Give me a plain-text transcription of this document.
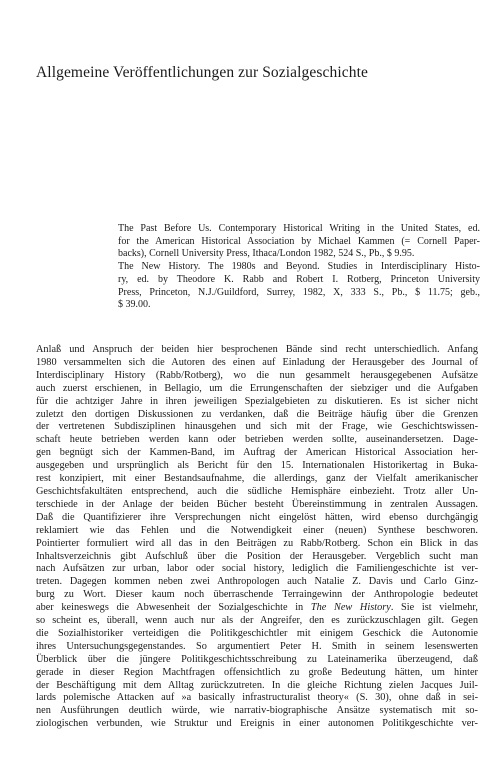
Allgemeine Veröffentlichungen zur Sozialgeschichte
The Past Before Us. Contemporary Historical Writing in the United States, ed.
for the American Historical Association by Michael Kammen (= Cornell Paper-
backs), Cornell University Press, Ithaca/London 1982, 524 S., Pb., $ 9.95.
The New History. The 1980s and Beyond. Studies in Interdisciplinary Histo-
ry, ed. by Theodore K. Rabb and Robert I. Rotberg, Princeton University
Press, Princeton, N.J./Guildford, Surrey, 1982, X, 333 S., Pb., $ 11.75; geb.,
$ 39.00.
Anlaß und Anspruch der beiden hier besprochenen Bände sind recht unterschiedlich. Anfang
1980 versammelten sich die Autoren des einen auf Einladung der Herausgeber des Journal of
Interdisciplinary History (Rabb/Rotberg), wo die nun gesammelt herausgegebenen Aufsätze
auch zuerst erschienen, in Bellagio, um die Errungenschaften der siebziger und die Aufgaben
für die achtziger Jahre in ihren jeweiligen Spezialgebieten zu diskutieren. Es ist sicher nicht
zuletzt den dortigen Diskussionen zu verdanken, daß die Beiträge häufig über die Grenzen
der vertretenen Subdisziplinen hinausgehen und sich mit der Frage, wie Geschichtswissen-
schaft heute betrieben werden kann oder betrieben werden sollte, auseinandersetzen. Dage-
gen begnügt sich der Kammen-Band, im Auftrag der American Historical Association her-
ausgegeben und ursprünglich als Bericht für den 15. Internationalen Historikertag in Buka-
rest konzipiert, mit einer Bestandsaufnahme, die allerdings, ganz der Vielfalt amerikanischer
Geschichtsfakultäten entsprechend, auch die südliche Hemisphäre einbezieht. Trotz aller Un-
terschiede in der Anlage der beiden Bücher besteht Übereinstimmung in zentralen Aussagen.
Daß die Quantifizierer ihre Versprechungen nicht eingelöst hätten, wird ebenso durchgängig
reklamiert wie das Fehlen und die Notwendigkeit einer (neuen) Synthese beschworen.
Pointierter formuliert wird all das in den Beiträgen zu Rabb/Rotberg. Schon ein Blick in das
Inhaltsverzeichnis gibt Aufschluß über die Position der Herausgeber. Vergeblich sucht man
nach Aufsätzen zur urban, labor oder social history, lediglich die Familiengeschichte ist ver-
treten. Dagegen kommen neben zwei Anthropologen auch Natalie Z. Davis und Carlo Ginz-
burg zu Wort. Dieser kaum noch überraschende Terraingewinn der Anthropologie bedeutet
aber keineswegs die Abwesenheit der Sozialgeschichte in The New History. Sie ist vielmehr,
so scheint es, überall, wenn auch nur als der Angreifer, den es zurückzuschlagen gilt. Gegen
die Sozialhistoriker verteidigen die Politikgeschichtler mit einigem Geschick die Autonomie
ihres Untersuchungsgegenstandes. So argumentiert Peter H. Smith in seinem lesenswerten
Überblick über die jüngere Politikgeschichtsschreibung zu Lateinamerika überzeugend, daß
gerade in dieser Region Machtfragen offensichtlich zu große Bedeutung hätten, um hinter
der Beschäftigung mit dem Alltag zurückzutreten. In die gleiche Richtung zielen Jacques Juil-
lards polemische Attacken auf »a basically infrastructuralist theory« (S. 30), ohne daß in sei-
nen Ausführungen deutlich würde, wie narrativ-biographische Ansätze systematisch mit so-
ziologischen verbunden, wie Struktur und Ereignis in einer autonomen Politikgeschichte ver-
